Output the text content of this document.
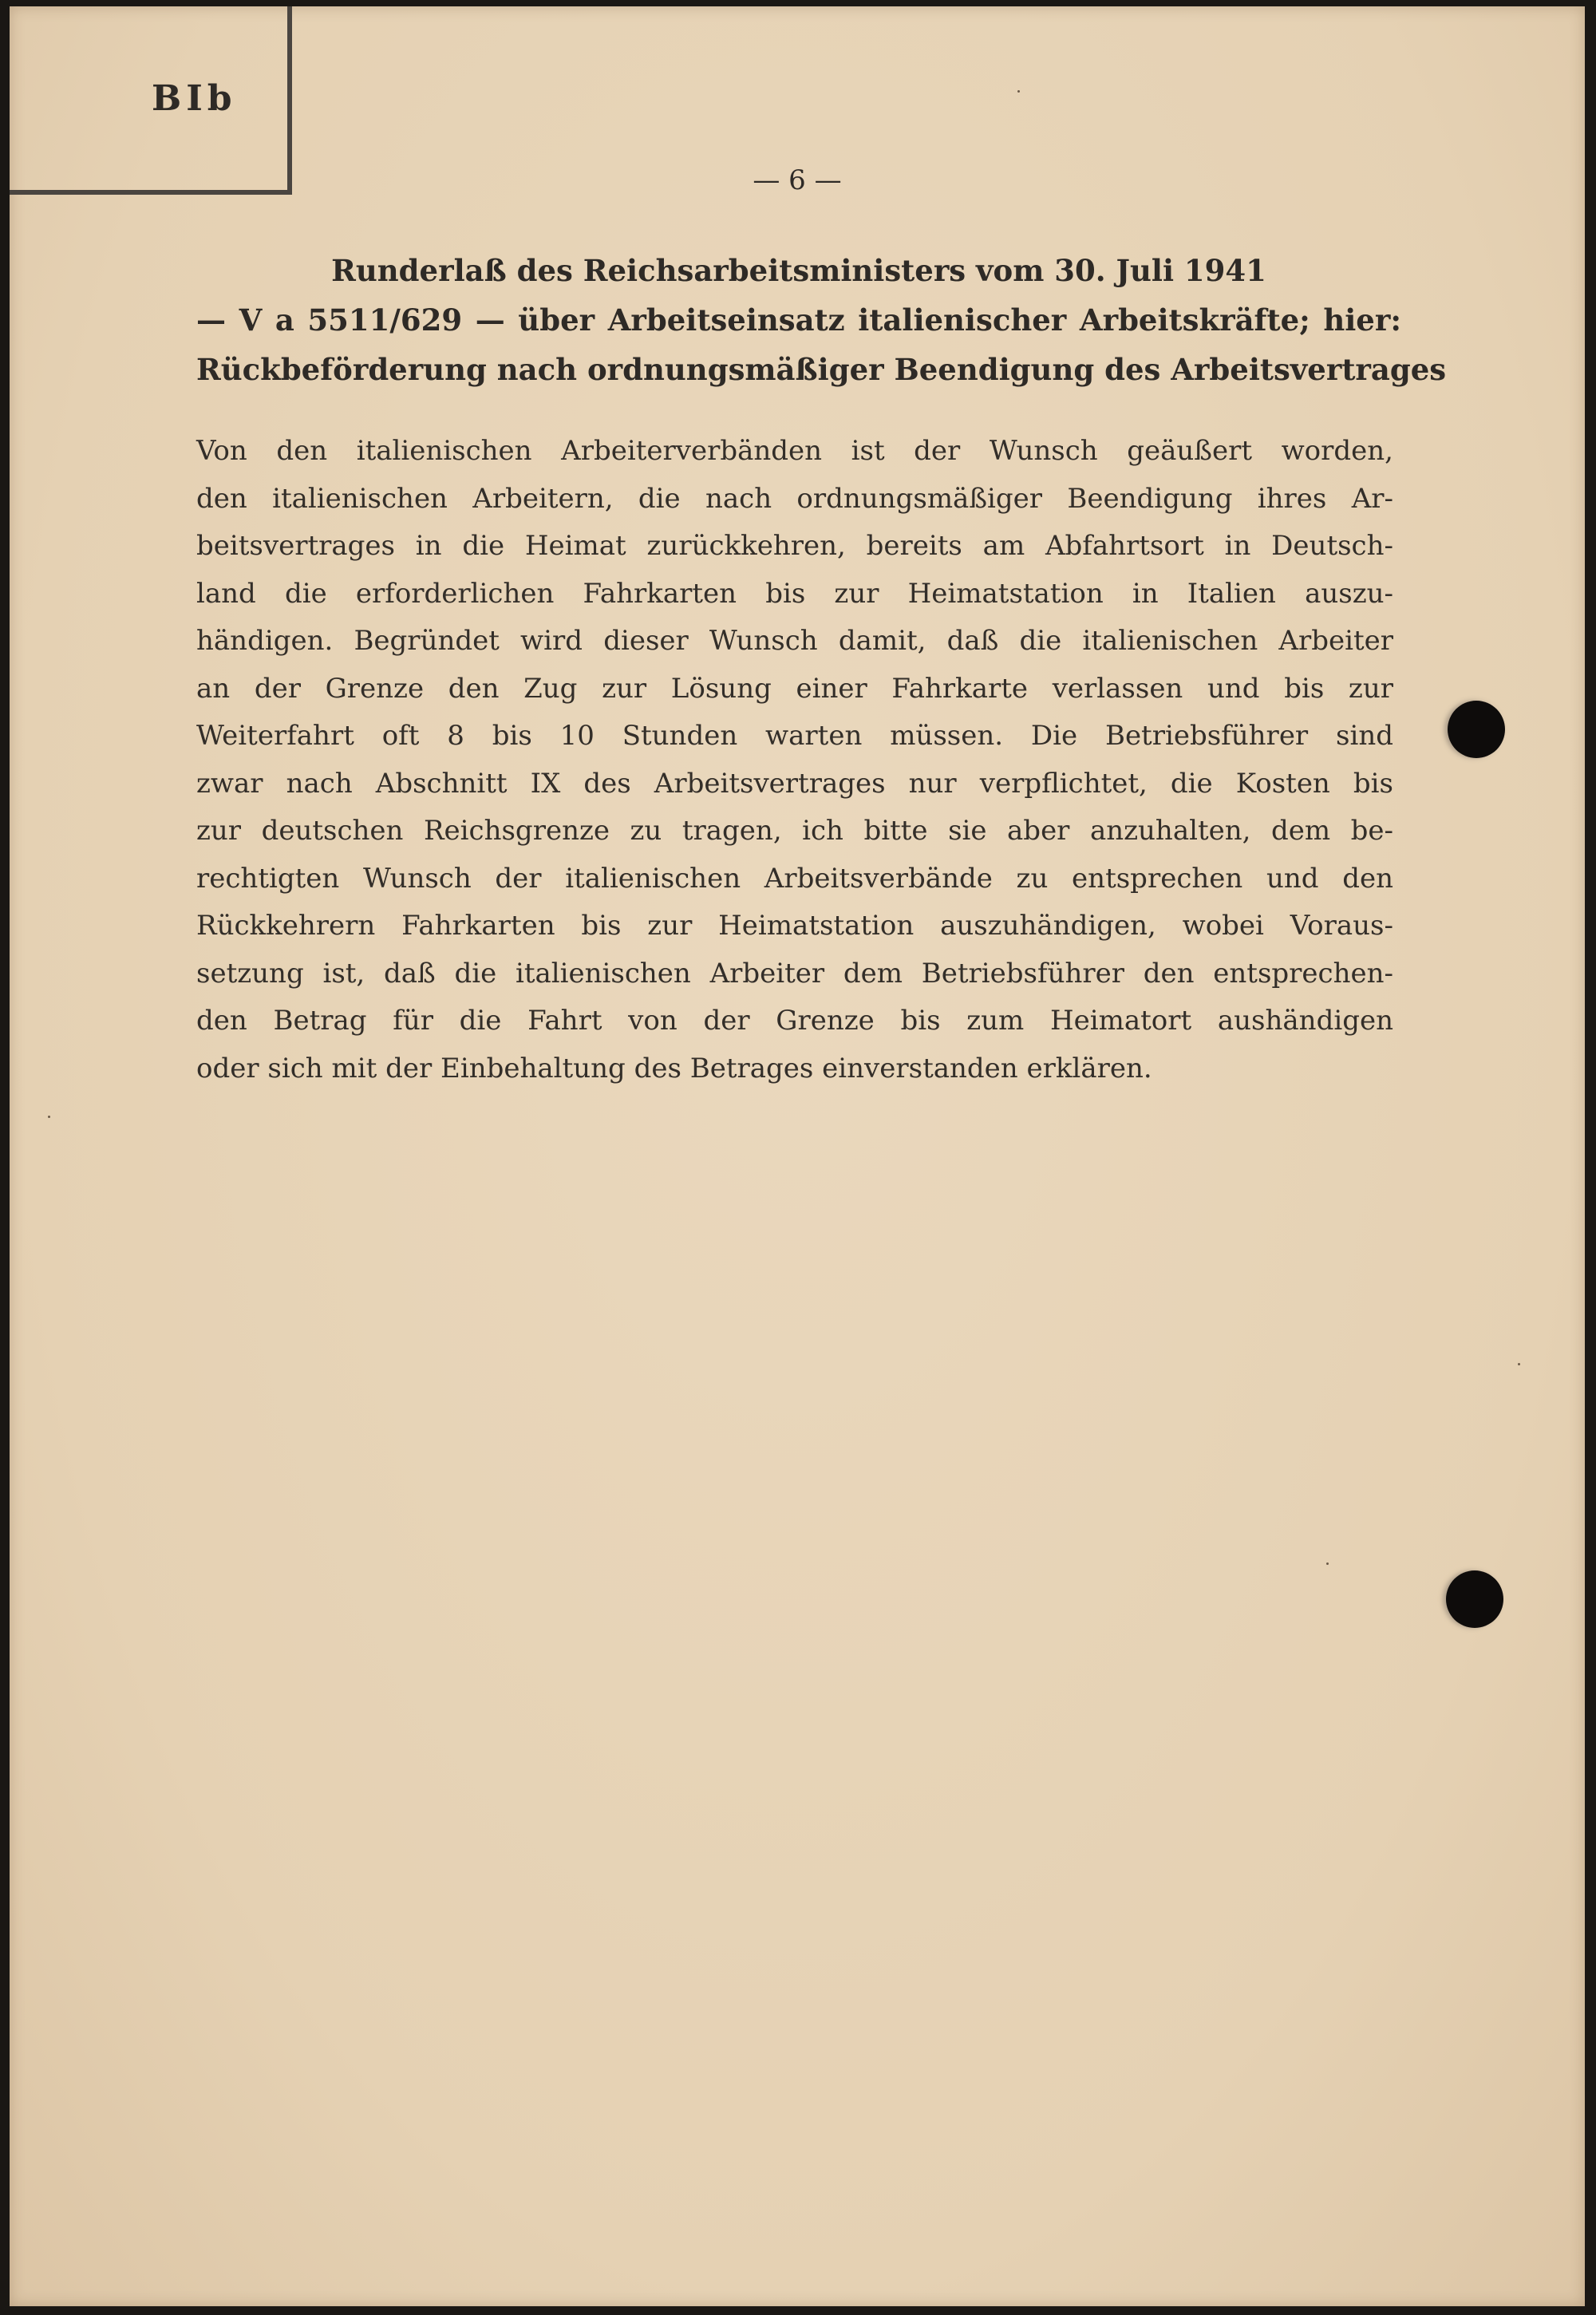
BIb
— 6 —
Runderlaß des Reichsarbeitsministers vom 30. Juli 1941
— V a 5511/629 — über Arbeitseinsatz italienischer Arbeitskräfte; hier:
Rückbeförderung nach ordnungsmäßiger Beendigung des Arbeitsvertrages
Von den italienischen Arbeiterverbänden ist der Wunsch geäußert worden,
den italienischen Arbeitern, die nach ordnungsmäßiger Beendigung ihres Ar-
beitsvertrages in die Heimat zurückkehren, bereits am Abfahrtsort in Deutsch-
land die erforderlichen Fahrkarten bis zur Heimatstation in Italien auszu-
händigen. Begründet wird dieser Wunsch damit, daß die italienischen Arbeiter
an der Grenze den Zug zur Lösung einer Fahrkarte verlassen und bis zur
Weiterfahrt oft 8 bis 10 Stunden warten müssen. Die Betriebsführer sind
zwar nach Abschnitt IX des Arbeitsvertrages nur verpflichtet, die Kosten bis
zur deutschen Reichsgrenze zu tragen, ich bitte sie aber anzuhalten, dem be-
rechtigten Wunsch der italienischen Arbeitsverbände zu entsprechen und den
Rückkehrern Fahrkarten bis zur Heimatstation auszuhändigen, wobei Voraus-
setzung ist, daß die italienischen Arbeiter dem Betriebsführer den entsprechen-
den Betrag für die Fahrt von der Grenze bis zum Heimatort aushändigen
oder sich mit der Einbehaltung des Betrages einverstanden erklären.
